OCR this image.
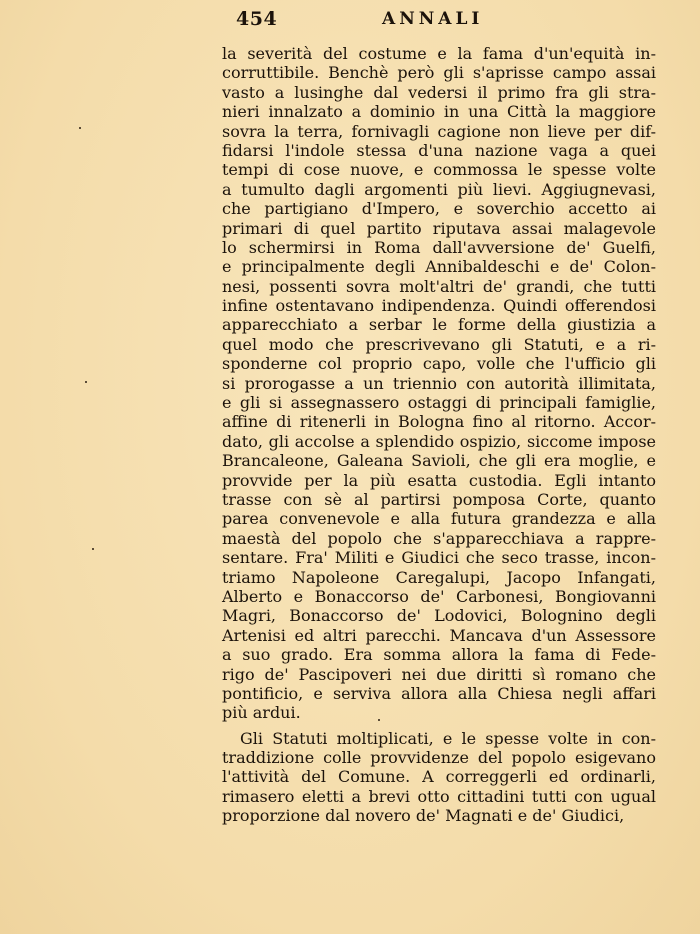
454	ANNALI
la severità del costume e la fama d'un'equità in-
corruttibile. Benchè però gli s'aprisse campo assai
vasto a lusinghe dal vedersi il primo fra gli stra-
nieri innalzato a dominio in una Città la maggiore
sovra la terra, fornivagli cagione non lieve per dif-
fidarsi l'indole stessa d'una nazione vaga a quei
tempi di cose nuove, e commossa le spesse volte
a tumulto dagli argomenti più lievi. Aggiugnevasi,
che partigiano d'Impero, e soverchio accetto ai
primari di quel partito riputava assai malagevole
lo schermirsi in Roma dall'avversione de' Guelfi,
e principalmente degli Annibaldeschi e de' Colon-
nesi, possenti sovra molt'altri de' grandi, che tutti
infine ostentavano indipendenza. Quindi offerendosi
apparecchiato a serbar le forme della giustizia a
quel modo che prescrivevano gli Statuti, e a ri-
sponderne col proprio capo, volle che l'ufficio gli
si prorogasse a un triennio con autorità illimitata,
e gli si assegnassero ostaggi di principali famiglie,
affine di ritenerli in Bologna fino al ritorno. Accor-
dato, gli accolse a splendido ospizio, siccome impose
Brancaleone, Galeana Savioli, che gli era moglie, e
provvide per la più esatta custodia. Egli intanto
trasse con sè al partirsi pomposa Corte, quanto
parea convenevole e alla futura grandezza e alla
maestà del popolo che s'apparecchiava a rappre-
sentare. Fra' Militi e Giudici che seco trasse, incon-
triamo Napoleone Caregalupi, Jacopo Infangati,
Alberto e Bonaccorso de' Carbonesi, Bongiovanni
Magri, Bonaccorso de' Lodovici, Bolognino degli
Artenisi ed altri parecchi. Mancava d'un Assessore
a suo grado. Era somma allora la fama di Fede-
rigo de' Pascipoveri nei due diritti sì romano che
pontificio, e serviva allora alla Chiesa negli affari
più ardui.
Gli Statuti moltiplicati, e le spesse volte in con-
traddizione colle provvidenze del popolo esigevano
l'attività del Comune. A correggerli ed ordinarli,
rimasero eletti a brevi otto cittadini tutti con ugual
proporzione dal novero de' Magnati e de' Giudici,
